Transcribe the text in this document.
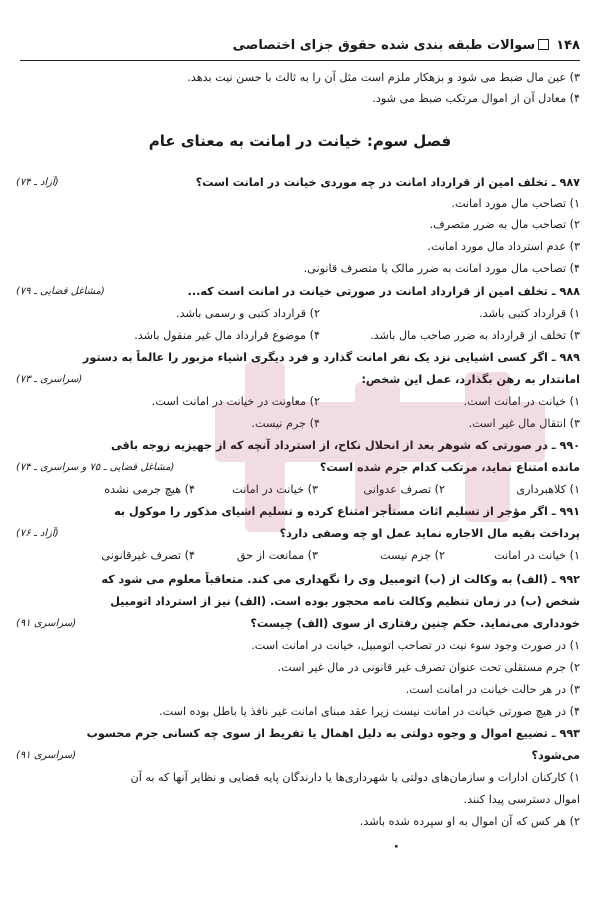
۱۴۸سوالات طبقه بندی شده حقوق جزای اختصاصی
۳) عین مال ضبط می شود و بزهکار ملزم است مثل آن را به ثالث با حسن نیت بدهد.
۴) معادل آن از اموال مرتکب ضبط می شود.
فصل سوم: خیانت در امانت به معنای عام
۹۸۷ ـ تخلف امین از قرارداد امانت در چه موردی خیانت در امانت است؟
(آزاد ـ ۷۴)
۱) تصاحب مال مورد امانت.
۲) تصاحب مال به ضرر متصرف.
۳) عدم استرداد مال مورد امانت.
۴) تصاحب مال مورد امانت به ضرر مالک یا متصرف قانونی.
۹۸۸ ـ تخلف امین از قرارداد امانت در صورتی خیانت در امانت است که...
(مشاغل قضایی ـ ۷۹)
۱) قرارداد کتبی باشد.
۲) قرارداد کتبی و رسمی باشد.
۳) تخلف از قرارداد به ضرر صاحب مال باشد.
۴) موضوع قرارداد مال غیر منقول باشد.
۹۸۹ ـ اگر کسی اشیایی نزد یک نفر امانت گذارد و فرد دیگری اشیاء مزبور را عالماً به دستور
امانتدار به رهن بگذارد، عمل این شخص:
(سراسری ـ ۷۳)
۱) خیانت در امانت است.
۲) معاونت در خیانت در امانت است.
۳) انتقال مال غیر است.
۴) جرم نیست.
۹۹۰ ـ در صورتی که شوهر بعد از انحلال نکاح، از استرداد آنچه که از جهیزیه زوجه باقی
مانده امتناع نماید، مرتکب کدام جرم شده است؟
(مشاغل قضایی ـ ۷۵ و سراسری ـ ۷۴)
۱) کلاهبرداری
۲) تصرف عدوانی
۳) خیانت در امانت
۴) هیچ جرمی نشده
۹۹۱ ـ اگر مؤجر از تسلیم اثاث مستأجر امتناع کرده و تسلیم اشیای مذکور را موکول به
پرداخت بقیه مال الاجاره نماید عمل او چه وصفی دارد؟
(آزاد ـ ۷۶)
۱) خیانت در امانت
۲) جرم نیست
۳) ممانعت از حق
۴) تصرف غیرقانونی
۹۹۲ ـ (الف) به وکالت از (ب) اتومبیل وی را نگهداری می کند. متعاقباً معلوم می شود که
شخص (ب) در زمان تنظیم وکالت نامه محجور بوده است. (الف) نیز از استرداد اتومبیل
خودداری می‌نماید. حکم چنین رفتاری از سوی (الف) چیست؟
(سراسری ۹۱)
۱) در صورت وجود سوء نیت در تصاحب اتومبیل، خیانت در امانت است.
۲) جرم مستقلی تحت عنوان تصرف غیر قانونی در مال غیر است.
۳) در هر حالت خیانت در امانت است.
۴) در هیچ صورتی خیانت در امانت نیست زیرا عقد مبنای امانت غیر نافذ یا باطل بوده است.
۹۹۳ ـ تضییع اموال و وجوه دولتی به دلیل اهمال یا تفریط از سوی چه کسانی جرم محسوب
می‌شود؟
(سراسری ۹۱)
۱) کارکنان ادارات و سازمان‌های دولتی یا شهرداری‌ها یا دارندگان پایه قضایی و نظایر آنها که به آن
اموال دسترسی پیدا کنند.
۲) هر کس که آن اموال به او سپرده شده باشد.
٠
